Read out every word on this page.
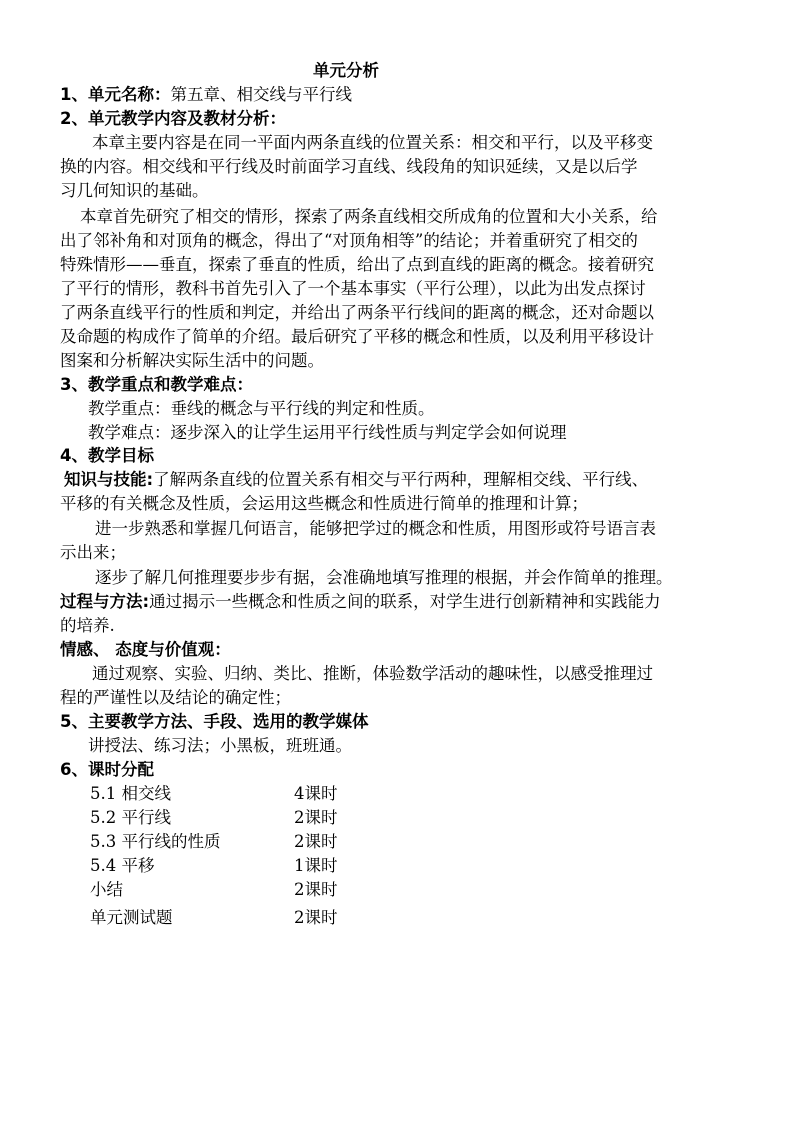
单元分析
1、单元名称：第五章、相交线与平行线
2、单元教学内容及教材分析：
本章主要内容是在同一平面内两条直线的位置关系：相交和平行，以及平移变
换的内容。相交线和平行线及时前面学习直线、线段角的知识延续，又是以后学
习几何知识的基础。
本章首先研究了相交的情形，探索了两条直线相交所成角的位置和大小关系，给
出了邻补角和对顶角的概念，得出了“对顶角相等”的结论；并着重研究了相交的
特殊情形——垂直，探索了垂直的性质，给出了点到直线的距离的概念。接着研究
了平行的情形，教科书首先引入了一个基本事实（平行公理），以此为出发点探讨
了两条直线平行的性质和判定，并给出了两条平行线间的距离的概念，还对命题以
及命题的构成作了简单的介绍。最后研究了平移的概念和性质，以及利用平移设计
图案和分析解决实际生活中的问题。
3、教学重点和教学难点：
教学重点：垂线的概念与平行线的判定和性质。
教学难点：逐步深入的让学生运用平行线性质与判定学会如何说理
4、教学目标
知识与技能:了解两条直线的位置关系有相交与平行两种，理解相交线、平行线、
平移的有关概念及性质，会运用这些概念和性质进行简单的推理和计算；
进一步熟悉和掌握几何语言，能够把学过的概念和性质，用图形或符号语言表
示出来；
逐步了解几何推理要步步有据，会准确地填写推理的根据，并会作简单的推理。
过程与方法:通过揭示一些概念和性质之间的联系，对学生进行创新精神和实践能力
的培养.
情感、 态度与价值观：
通过观察、实验、归纳、类比、推断，体验数学活动的趣味性，以感受推理过
程的严谨性以及结论的确定性；
5、主要教学方法、手段、选用的教学媒体
讲授法、练习法；小黑板，班班通。
6、课时分配
5.1 相交线	4课时
5.2 平行线	2课时
5.3 平行线的性质	2课时
5.4 平移	1课时
小结	2课时
单元测试题	2课时
